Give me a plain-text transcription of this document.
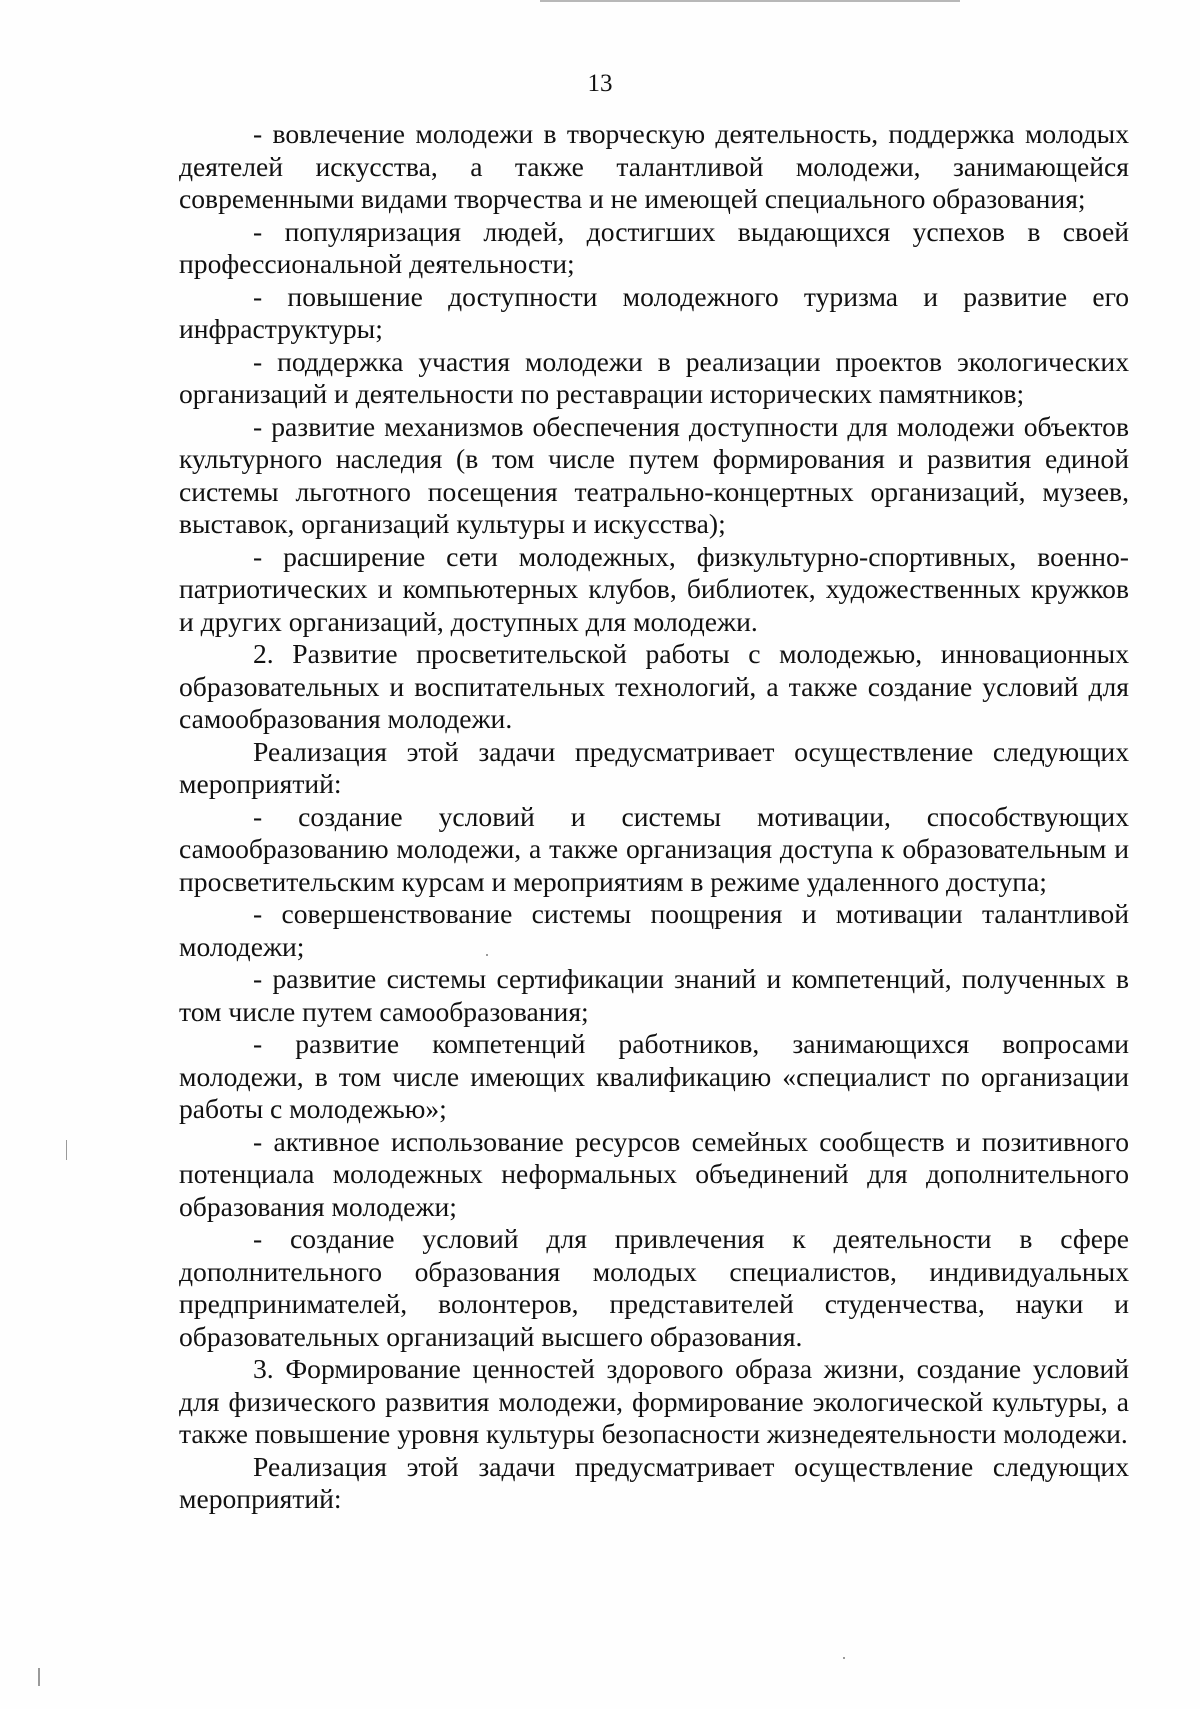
13

- вовлечение молодежи в творческую деятельность, поддержка молодых деятелей искусства, а также талантливой молодежи, занимающейся современными видами творчества и не имеющей специального образования;

- популяризация людей, достигших выдающихся успехов в своей профессиональной деятельности;

- повышение доступности молодежного туризма и развитие его инфраструктуры;

- поддержка участия молодежи в реализации проектов экологических организаций и деятельности по реставрации исторических памятников;

- развитие механизмов обеспечения доступности для молодежи объектов культурного наследия (в том числе путем формирования и развития единой системы льготного посещения театрально-концертных организаций, музеев, выставок, организаций культуры и искусства);

- расширение сети молодежных, физкультурно-спортивных, военно-патриотических и компьютерных клубов, библиотек, художественных кружков и других организаций, доступных для молодежи.

2. Развитие просветительской работы с молодежью, инновационных образовательных и воспитательных технологий, а также создание условий для самообразования молодежи.

Реализация этой задачи предусматривает осуществление следующих мероприятий:

- создание условий и системы мотивации, способствующих самообразованию молодежи, а также организация доступа к образовательным и просветительским курсам и мероприятиям в режиме удаленного доступа;

- совершенствование системы поощрения и мотивации талантливой молодежи;

- развитие системы сертификации знаний и компетенций, полученных в том числе путем самообразования;

- развитие компетенций работников, занимающихся вопросами молодежи, в том числе имеющих квалификацию «специалист по организации работы с молодежью»;

- активное использование ресурсов семейных сообществ и позитивного потенциала молодежных неформальных объединений для дополнительного образования молодежи;

- создание условий для привлечения к деятельности в сфере дополнительного образования молодых специалистов, индивидуальных предпринимателей, волонтеров, представителей студенчества, науки и образовательных организаций высшего образования.

3. Формирование ценностей здорового образа жизни, создание условий для физического развития молодежи, формирование экологической культуры, а также повышение уровня культуры безопасности жизнедеятельности молодежи.

Реализация этой задачи предусматривает осуществление следующих мероприятий:
